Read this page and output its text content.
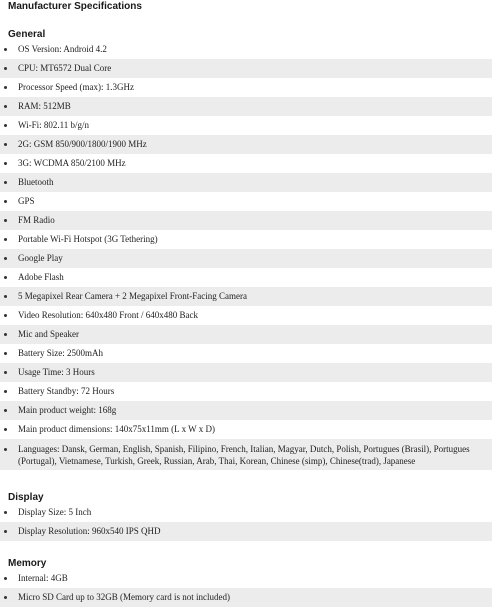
Manufacturer Specifications
General
OS Version: Android 4.2
CPU: MT6572 Dual Core
Processor Speed (max): 1.3GHz
RAM: 512MB
Wi-Fi: 802.11 b/g/n
2G: GSM 850/900/1800/1900 MHz
3G: WCDMA 850/2100 MHz
Bluetooth
GPS
FM Radio
Portable Wi-Fi Hotspot (3G Tethering)
Google Play
Adobe Flash
5 Megapixel Rear Camera + 2 Megapixel Front-Facing Camera
Video Resolution: 640x480 Front / 640x480 Back
Mic and Speaker
Battery Size: 2500mAh
Usage Time: 3 Hours
Battery Standby: 72 Hours
Main product weight: 168g
Main product dimensions: 140x75x11mm (L x W x D)
Languages: Dansk, German, English, Spanish, Filipino, French, Italian, Magyar, Dutch, Polish, Portugues (Brasil), Portugues (Portugal), Vietnamese, Turkish, Greek, Russian, Arab, Thai, Korean, Chinese (simp), Chinese(trad), Japanese
Display
Display Size: 5 Inch
Display Resolution: 960x540 IPS QHD
Memory
Internal: 4GB
Micro SD Card up to 32GB (Memory card is not included)
